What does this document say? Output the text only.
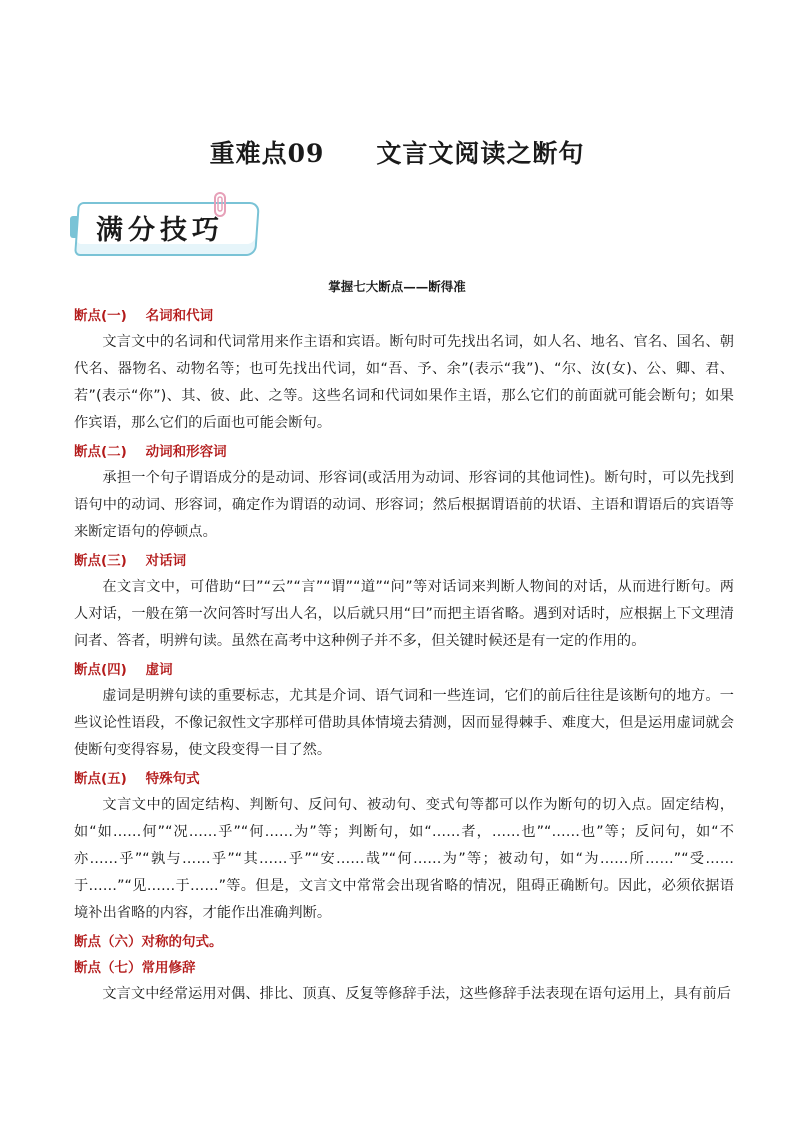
重难点09 文言文阅读之断句
满分技巧
掌握七大断点——断得准

断点(一)    名词和代词

文言文中的名词和代词常用来作主语和宾语。断句时可先找出名词，如人名、地名、官名、国名、朝代名、器物名、动物名等；也可先找出代词，如“吾、予、余”(表示“我”)、“尔、汝(女)、公、卿、君、若”(表示“你”)、其、彼、此、之等。这些名词和代词如果作主语，那么它们的前面就可能会断句；如果作宾语，那么它们的后面也可能会断句。

断点(二)    动词和形容词

承担一个句子谓语成分的是动词、形容词(或活用为动词、形容词的其他词性)。断句时，可以先找到语句中的动词、形容词，确定作为谓语的动词、形容词；然后根据谓语前的状语、主语和谓语后的宾语等来断定语句的停顿点。

断点(三)    对话词

在文言文中，可借助“曰”“云”“言”“谓”“道”“问”等对话词来判断人物间的对话，从而进行断句。两人对话，一般在第一次问答时写出人名，以后就只用“曰”而把主语省略。遇到对话时，应根据上下文理清问者、答者，明辨句读。虽然在高考中这种例子并不多，但关键时候还是有一定的作用的。

断点(四)    虚词

虚词是明辨句读的重要标志，尤其是介词、语气词和一些连词，它们的前后往往是该断句的地方。一些议论性语段，不像记叙性文字那样可借助具体情境去猜测，因而显得棘手、难度大，但是运用虚词就会使断句变得容易，使文段变得一目了然。

断点(五)    特殊句式

文言文中的固定结构、判断句、反问句、被动句、变式句等都可以作为断句的切入点。固定结构，如“如……何”“况……乎”“何……为”等；判断句，如“……者，……也”“……也”等；反问句，如“不亦……乎”“孰与……乎”“其……乎”“安……哉”“何……为”等；被动句，如“为……所……”“受……于……”“见……于……”等。但是，文言文中常常会出现省略的情况，阻碍正确断句。因此，必须依据语境补出省略的内容，才能作出准确判断。

断点（六）对称的句式。

断点（七）常用修辞

文言文中经常运用对偶、排比、顶真、反复等修辞手法，这些修辞手法表现在语句运用上，具有前后
